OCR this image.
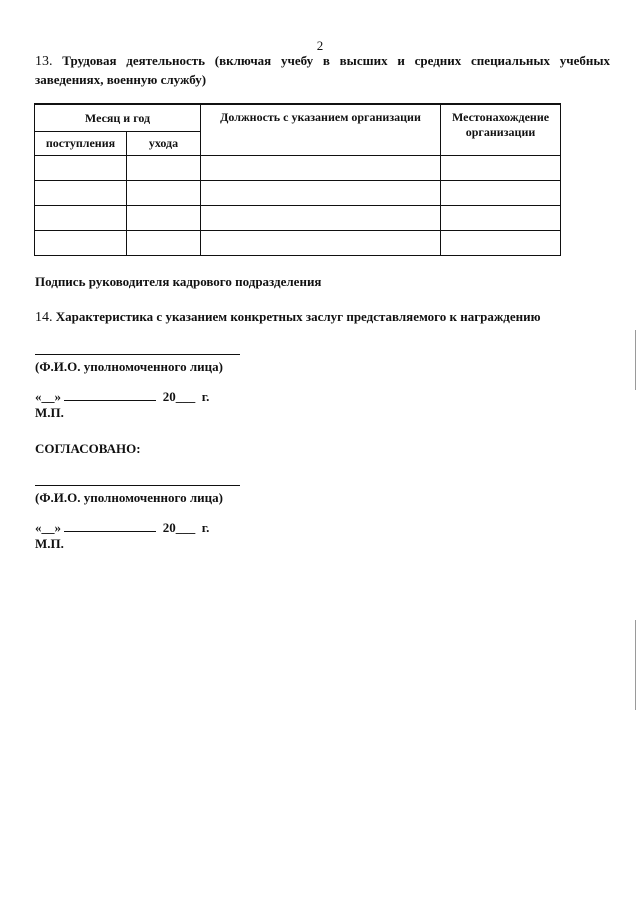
2
13. Трудовая деятельность (включая учебу в высших и средних специальных учебных заведениях, военную службу)
Месяц и год		Должность с указанием организации	Местонахождение организации
поступления	ухода		

Подпись руководителя кадрового подразделения
14. Характеристика с указанием конкретных заслуг представляемого к награждению
(Ф.И.О. уполномоченного лица)
«__»	20___ г.
М.П.
СОГЛАСОВАНО:
(Ф.И.О. уполномоченного лица)
«__»	20___ г.
М.П.
